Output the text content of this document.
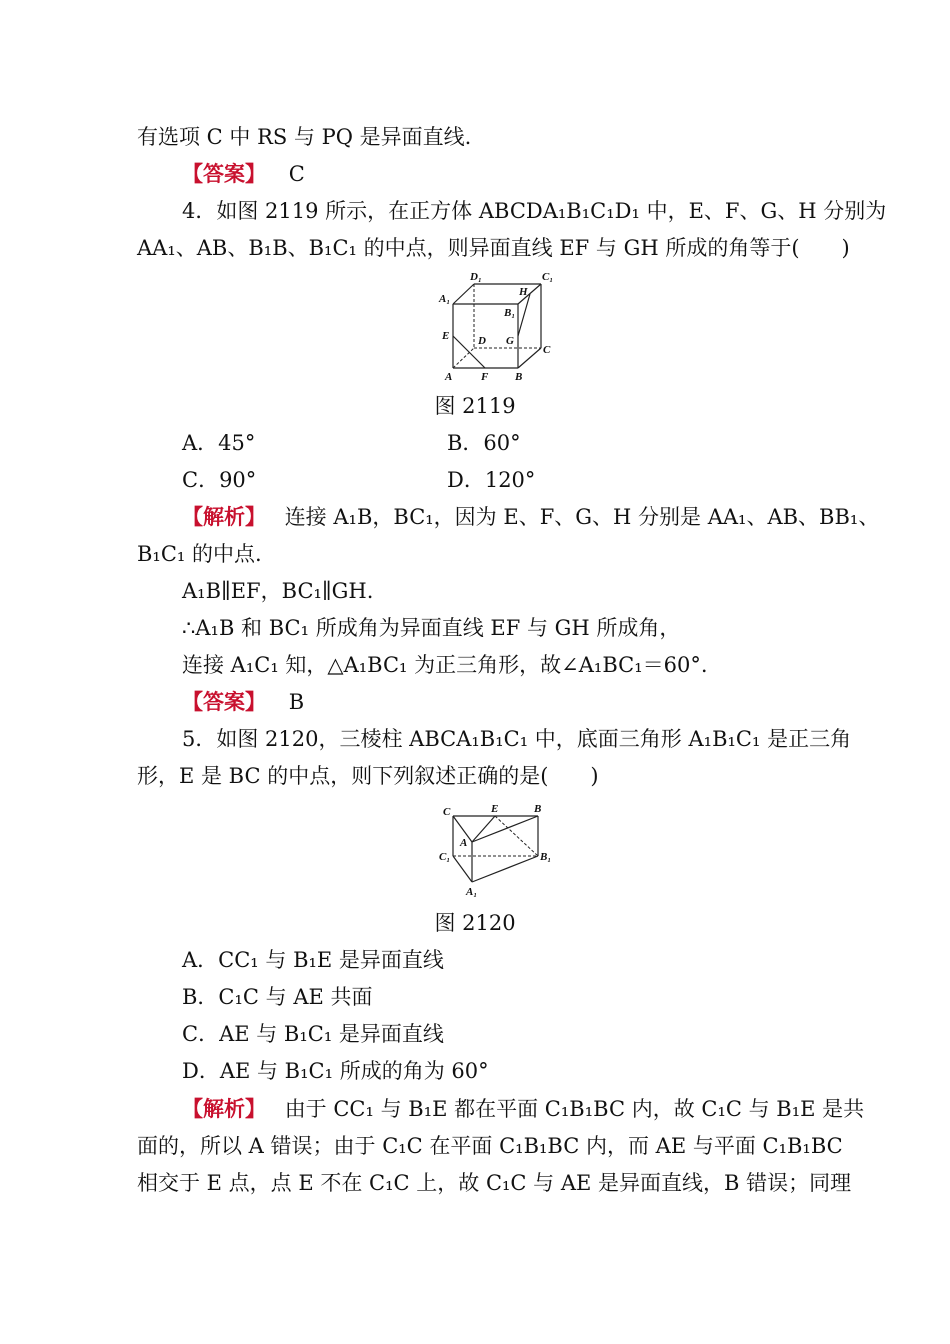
有选项 C 中 RS 与 PQ 是异面直线.
【答案】 C
4．如图 2119 所示，在正方体 ABCDA₁B₁C₁D₁ 中，E、F、G、H 分别为
AA₁、AB、B₁B、B₁C₁ 的中点，则异面直线 EF 与 GH 所成的角等于(　　)
D₁	C₁
A₁
H
B₁
E	D G
C
A	F B
图 2119
A．45°	B．60°
C．90°	D．120°
【解析】 连接 A₁B，BC₁，因为 E、F、G、H 分别是 AA₁、AB、BB₁、
B₁C₁ 的中点.
A₁B∥EF，BC₁∥GH.
∴A₁B 和 BC₁ 所成角为异面直线 EF 与 GH 所成角，
连接 A₁C₁ 知，△A₁BC₁ 为正三角形，故∠A₁BC₁＝60°.
【答案】 B
5．如图 2120，三棱柱 ABCA₁B₁C₁ 中，底面三角形 A₁B₁C₁ 是正三角
形，E 是 BC 的中点，则下列叙述正确的是(　　)
C	E	B
A
C₁	B₁
A₁
图 2120
A．CC₁ 与 B₁E 是异面直线
B．C₁C 与 AE 共面
C．AE 与 B₁C₁ 是异面直线
D．AE 与 B₁C₁ 所成的角为 60°
【解析】 由于 CC₁ 与 B₁E 都在平面 C₁B₁BC 内，故 C₁C 与 B₁E 是共
面的，所以 A 错误；由于 C₁C 在平面 C₁B₁BC 内，而 AE 与平面 C₁B₁BC
相交于 E 点，点 E 不在 C₁C 上，故 C₁C 与 AE 是异面直线，B 错误；同理
